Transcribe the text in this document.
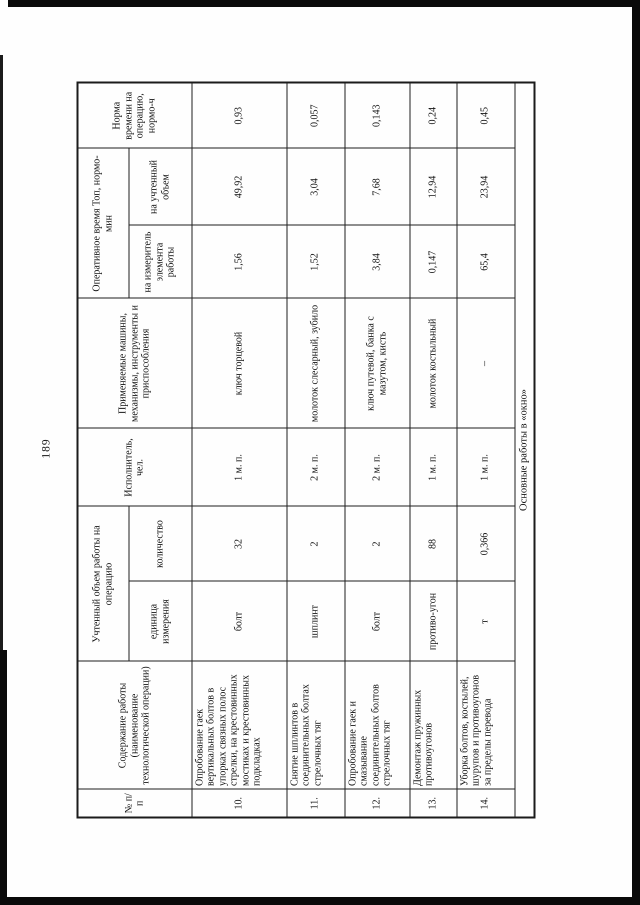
189
№ п/п	Содержание работы (наименование технологической операции)	Учтенный объем работы на операцию		Исполнитель, чел.	Применяемые машины, механизмы, инструменты и приспособления	Оперативное время Топ, нормо-мин		Норма времени на операцию, нормо-ч
		единица измерения	количество			на измеритель элемента работы	на учтенный объем	
10.	Опробование гаек вертикальных болтов в упорках связных полос стрелки, на крестовинных мостиках и крестовинных подкладках	болт	32	1 м. п.	ключ торцевой	1,56	49,92	0,93
11.	Снятие шплинтов в соединительных болтах стрелочных тяг	шплинт	2	2 м. п.	молоток слесарный, зубило	1,52	3,04	0,057
12.	Опробование гаек и смазывание соединительных болтов стрелочных тяг	болт	2	2 м. п.	ключ путевой, банка с мазутом, кисть	3,84	7,68	0,143
13.	Демонтаж пружинных противоугонов	противо-угон	88	1 м. п.	молоток костыльный	0,147	12,94	0,24
14.	Уборка болтов, костылей, шурупов и противоугонов за пределы перевода	т	0,366	1 м. п.	–	65,4	23,94	0,45
Основные работы в «окно»								
